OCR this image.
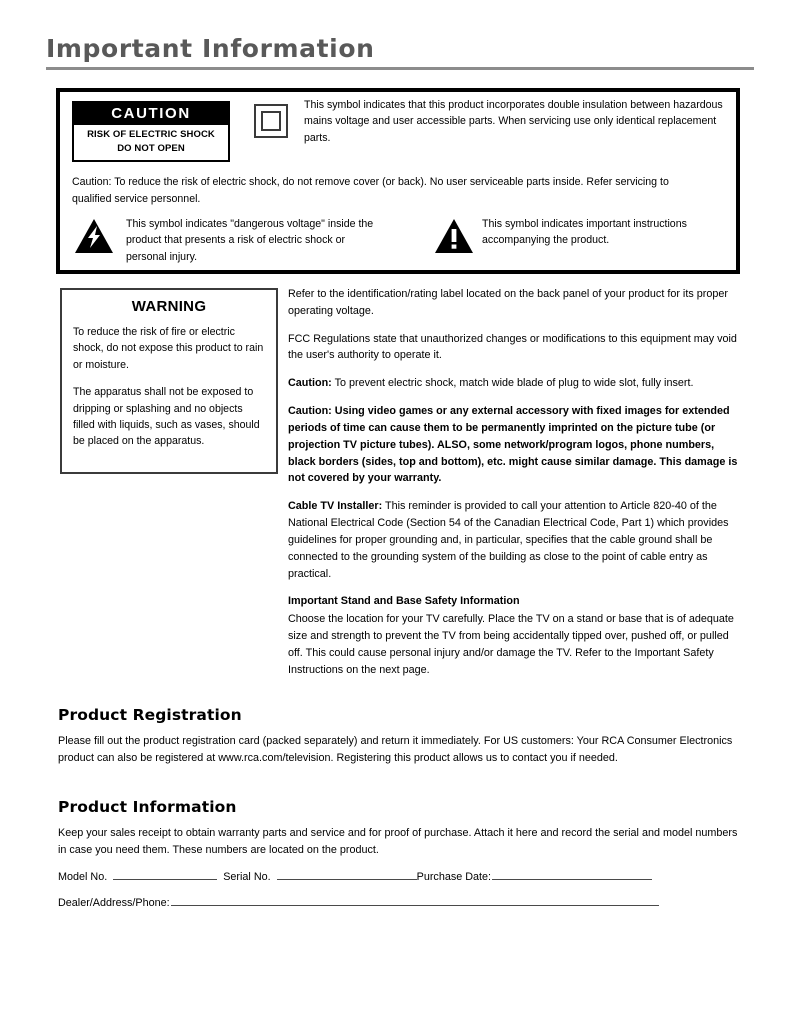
Important Information
CAUTION
RISK OF ELECTRIC SHOCK
DO NOT OPEN
This symbol indicates that this product incorporates double insulation between hazardous mains voltage and user accessible parts. When servicing use only identical replacement parts.
Caution: To reduce the risk of electric shock, do not remove cover (or back). No user serviceable parts inside. Refer servicing to qualified service personnel.
This symbol indicates "dangerous voltage" inside the product that presents a risk of electric shock or personal injury.
This symbol indicates important instructions accompanying the product.
WARNING

To reduce the risk of fire or electric shock, do not expose this product to rain or moisture.

The apparatus shall not be exposed to dripping or splashing and no objects filled with liquids, such as vases, should be placed on the apparatus.

Refer to the identification/rating label located on the back panel of your product for its proper operating voltage.

FCC Regulations state that unauthorized changes or modifications to this equipment may void the user's authority to operate it.

Caution: To prevent electric shock, match wide blade of plug to wide slot, fully insert.

Caution: Using video games or any external accessory with fixed images for extended periods of time can cause them to be permanently imprinted on the picture tube (or projection TV picture tubes). ALSO, some network/program logos, phone numbers, black borders (sides, top and bottom), etc. might cause similar damage. This damage is not covered by your warranty.

Cable TV Installer: This reminder is provided to call your attention to Article 820-40 of the National Electrical Code (Section 54 of the Canadian Electrical Code, Part 1) which provides guidelines for proper grounding and, in particular, specifies that the cable ground shall be connected to the grounding system of the building as close to the point of cable entry as practical.

Important Stand and Base Safety Information

Choose the location for your TV carefully. Place the TV on a stand or base that is of adequate size and strength to prevent the TV from being accidentally tipped over, pushed off, or pulled off. This could cause personal injury and/or damage the TV. Refer to the Important Safety Instructions on the next page.

Product Registration

Please fill out the product registration card (packed separately) and return it immediately. For US customers: Your RCA Consumer Electronics product can also be registered at www.rca.com/television. Registering this product allows us to contact you if needed.

Product Information

Keep your sales receipt to obtain warranty parts and service and for proof of purchase. Attach it here and record the serial and model numbers in case you need them. These numbers are located on the product.

Model No.	Serial No.	Purchase Date:
Dealer/Address/Phone:
